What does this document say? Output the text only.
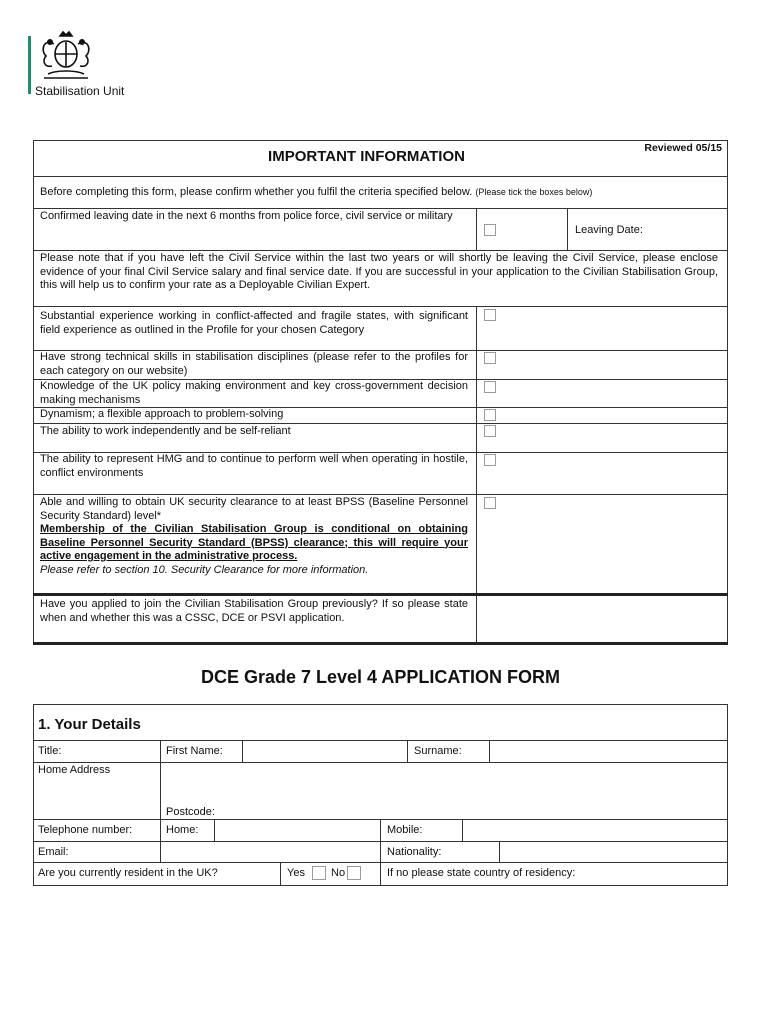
Stabilisation Unit
IMPORTANT INFORMATION	Reviewed 05/15
Before completing this form, please confirm whether you fulfil the criteria specified below. (Please tick the boxes below)
Confirmed leaving date in the next 6 months from police force, civil service or military
Leaving Date:
Please note that if you have left the Civil Service within the last two years or will shortly be leaving the Civil Service, please enclose evidence of your final Civil Service salary and final service date. If you are successful in your application to the Civilian Stabilisation Group, this will help us to confirm your rate as a Deployable Civilian Expert.
Substantial experience working in conflict-affected and fragile states, with significant field experience as outlined in the Profile for your chosen Category
Have strong technical skills in stabilisation disciplines (please refer to the profiles for each category on our website)
Knowledge of the UK policy making environment and key cross-government decision making mechanisms
Dynamism; a flexible approach to problem-solving
The ability to work independently and be self-reliant
The ability to represent HMG and to continue to perform well when operating in hostile, conflict environments
Able and willing to obtain UK security clearance to at least BPSS (Baseline Personnel Security Standard) level*
Membership of the Civilian Stabilisation Group is conditional on obtaining Baseline Personnel Security Standard (BPSS) clearance; this will require your active engagement in the administrative process.
Please refer to section 10. Security Clearance for more information.
Have you applied to join the Civilian Stabilisation Group previously? If so please state when and whether this was a CSSC, DCE or PSVI application.
DCE Grade 7 Level 4 APPLICATION FORM
1. Your Details
Title:	First Name:	Surname:
Home Address
Postcode:
Telephone number:	Home:	Mobile:
Email:	Nationality:
Are you currently resident in the UK?	Yes No	If no please state country of residency:
